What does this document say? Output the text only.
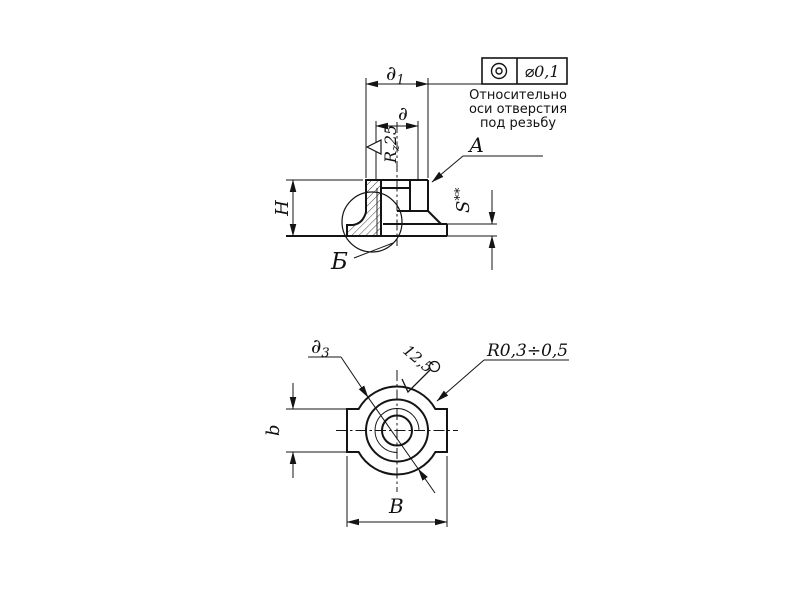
$\partial_1$
∂
Rz25
H	S**
Б
А
⌀0,1
Относительно
оси отверстия
под резьбу
$\partial_3$	12,5	R0,3÷0,5
b
B
